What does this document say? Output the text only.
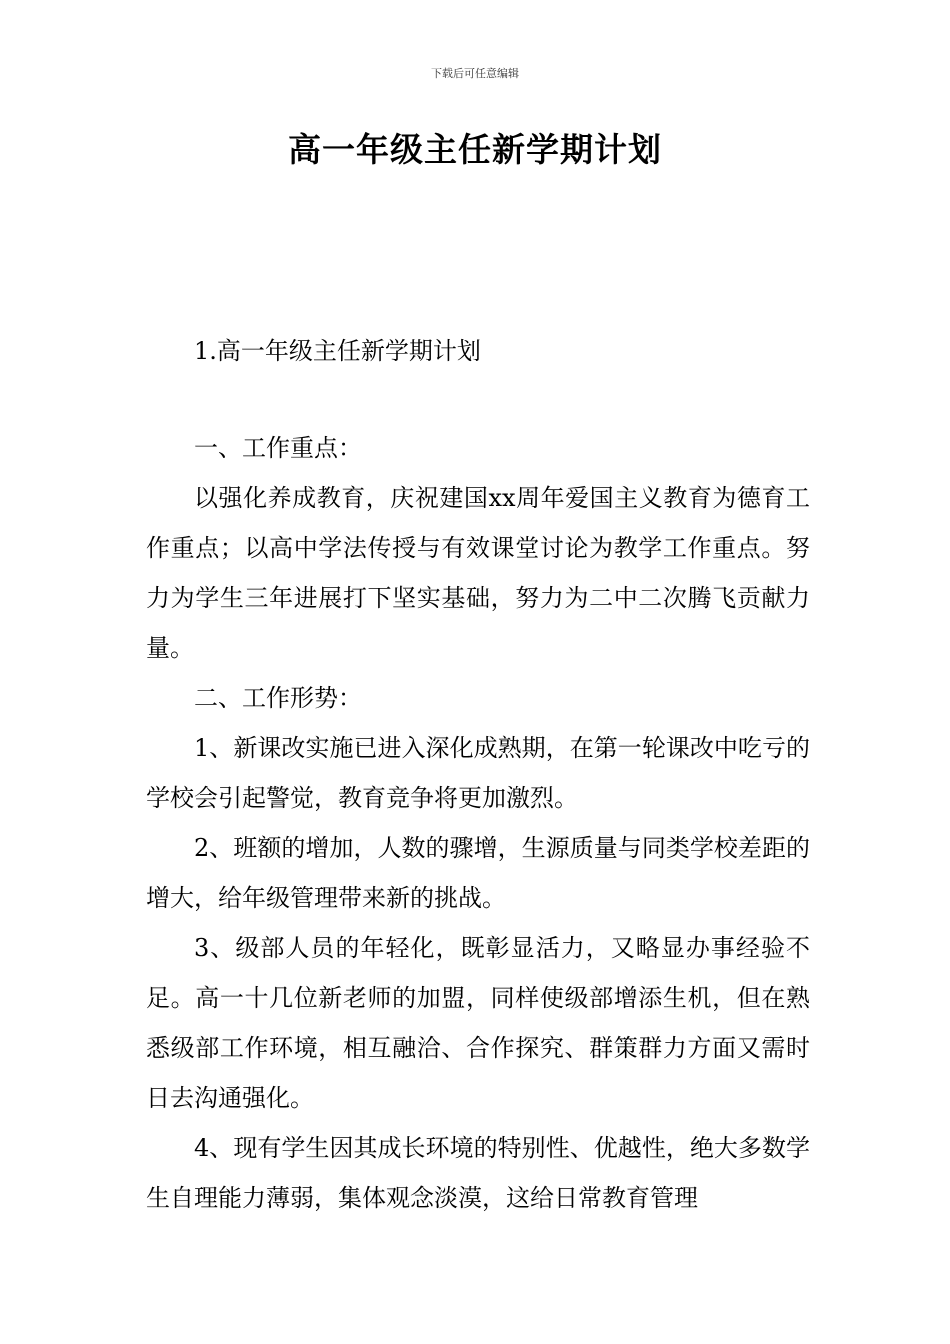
下载后可任意编辑
高一年级主任新学期计划

1.高一年级主任新学期计划

一、工作重点：

以强化养成教育，庆祝建国xx周年爱国主义教育为德育工作重点；以高中学法传授与有效课堂讨论为教学工作重点。努力为学生三年进展打下坚实基础，努力为二中二次腾飞贡献力量。

二、工作形势：

1、新课改实施已进入深化成熟期，在第一轮课改中吃亏的学校会引起警觉，教育竞争将更加激烈。

2、班额的增加，人数的骤增，生源质量与同类学校差距的增大，给年级管理带来新的挑战。

3、级部人员的年轻化，既彰显活力，又略显办事经验不足。高一十几位新老师的加盟，同样使级部增添生机，但在熟悉级部工作环境，相互融洽、合作探究、群策群力方面又需时日去沟通强化。

4、现有学生因其成长环境的特别性、优越性，绝大多数学生自理能力薄弱，集体观念淡漠，这给日常教育管理
